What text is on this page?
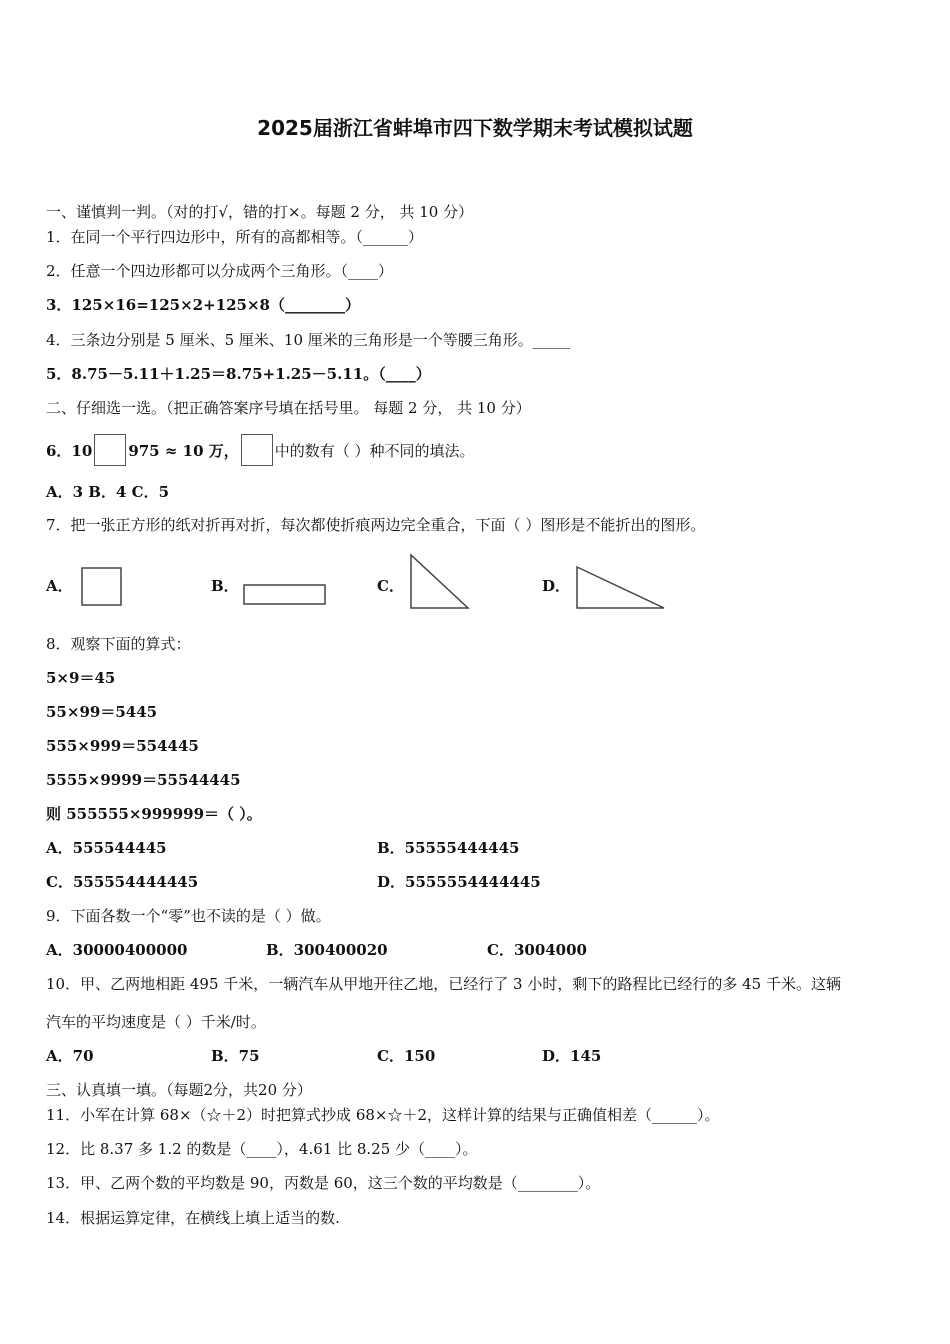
2025届浙江省蚌埠市四下数学期末考试模拟试题
一、谨慎判一判。（对的打√，错的打×。每题 2 分， 共 10 分）
1．在同一个平行四边形中，所有的高都相等。（______）
2．任意一个四边形都可以分成两个三角形。（____）
3．125×16=125×2+125×8（________）
4．三条边分别是 5 厘米、5 厘米、10 厘米的三角形是一个等腰三角形。_____
5．8.75－5.11＋1.25＝8.75+1.25－5.11。（____）
二、仔细选一选。（把正确答案序号填在括号里。 每题 2 分， 共 10 分）
6．10 975 ≈ 10 万， 中的数有（ ）种不同的填法。
A．3 B．4 C．5
7．把一张正方形的纸对折再对折，每次都使折痕两边完全重合，下面（ ）图形是不能折出的图形。
A．	B．	C．	D．
8．观察下面的算式：
5×9＝45
55×99＝5445
555×999＝554445
5555×9999＝55544445
则 555555×999999＝（ ）。
A．555544445	B．55555444445
C．555554444445	D．5555554444445
9．下面各数一个“零”也不读的是（ ）做。
A．30000400000	B．300400020	C．3004000
10．甲、乙两地相距 495 千米，一辆汽车从甲地开往乙地，已经行了 3 小时，剩下的路程比已经行的多 45 千米。这辆
汽车的平均速度是（ ）千米/时。
A．70	B．75	C．150	D．145
三、认真填一填。（每题2分，共20 分）
11．小军在计算 68×（☆＋2）时把算式抄成 68×☆＋2，这样计算的结果与正确值相差（______）。
12．比 8.37 多 1.2 的数是（____），4.61 比 8.25 少（____）。
13．甲、乙两个数的平均数是 90，丙数是 60，这三个数的平均数是（________）。
14．根据运算定律，在横线上填上适当的数.
